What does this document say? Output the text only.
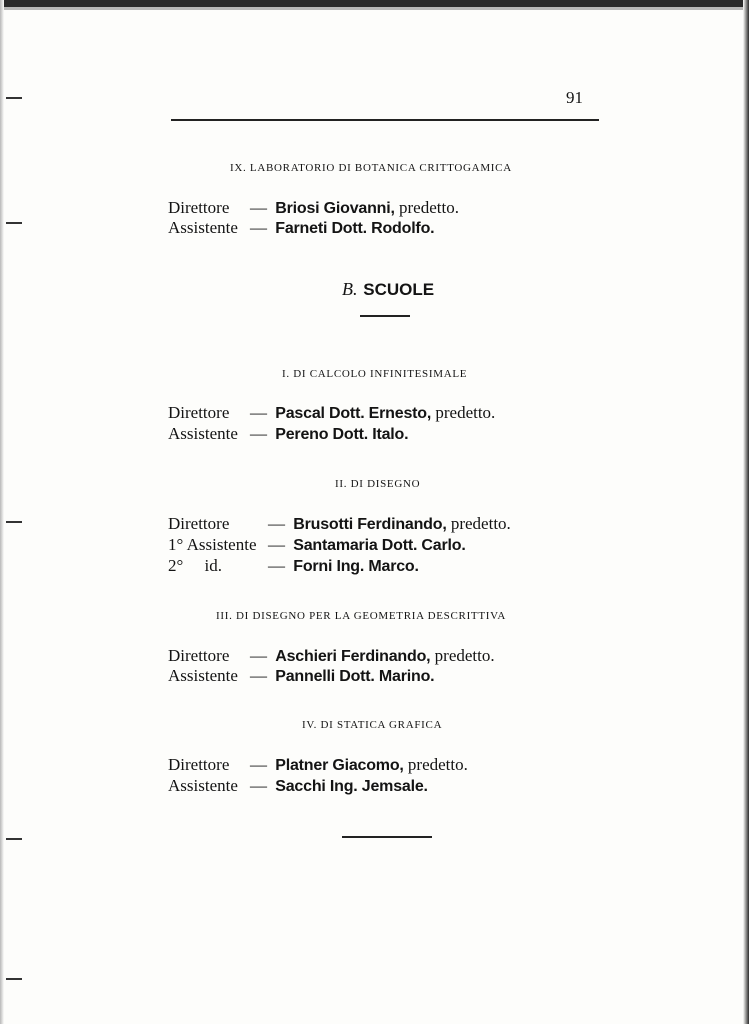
91
IX. LABORATORIO DI BOTANICA CRITTOGAMICA
Direttore — Briosi Giovanni, predetto.
Assistente — Farneti Dott. Rodolfo.
B. SCUOLE
I. DI CALCOLO INFINITESIMALE
Direttore — Pascal Dott. Ernesto, predetto.
Assistente — Pereno Dott. Italo.
II. DI DISEGNO
Direttore — Brusotti Ferdinando, predetto.
1° Assistente — Santamaria Dott. Carlo.
2°     id.	— Forni Ing. Marco.
III. DI DISEGNO PER LA GEOMETRIA DESCRITTIVA
Direttore — Aschieri Ferdinando, predetto.
Assistente — Pannelli Dott. Marino.
IV. DI STATICA GRAFICA
Direttore — Platner Giacomo, predetto.
Assistente — Sacchi Ing. Jemsale.
